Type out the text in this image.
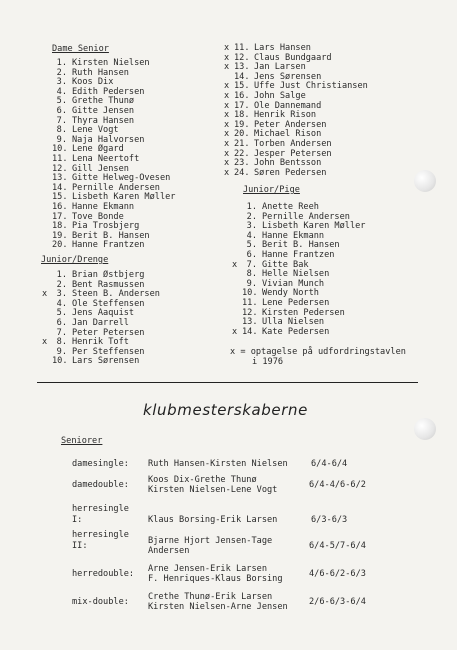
Dame Senior
1. Kirsten Nielsen
2. Ruth Hansen
3. Koos Dix
4. Edith Pedersen
5. Grethe Thunø
6. Gitte Jensen
7. Thyra Hansen
8. Lene Vogt
9. Naja Halvorsen
10. Lene Øgard
11. Lena Neertoft
12. Gill Jensen
13. Gitte Helweg-Ovesen
14. Pernille Andersen
15. Lisbeth Karen Møller
16. Hanne Ekmann
17. Tove Bonde
18. Pia Trosbjerg
19. Berit B. Hansen
20. Hanne Frantzen
Junior/Drenge
1. Brian Østbjerg
2. Bent Rasmussen
x 3. Steen B. Andersen
4. Ole Steffensen
5. Jens Aaquist
6. Jan Darrell
7. Peter Petersen
x 8. Henrik Toft
9. Per Steffensen
10. Lars Sørensen
x 11. Lars Hansen
x 12. Claus Bundgaard
x 13. Jan Larsen
14. Jens Sørensen
x 15. Uffe Just Christiansen
x 16. John Salge
x 17. Ole Dannemand
x 18. Henrik Rison
x 19. Peter Andersen
x 20. Michael Rison
x 21. Torben Andersen
x 22. Jesper Petersen
x 23. John Bentsson
x 24. Søren Pedersen
Junior/Pige
1. Anette Reeh
2. Pernille Andersen
3. Lisbeth Karen Møller
4. Hanne Ekmann
5. Berit B. Hansen
6. Hanne Frantzen
x 7. Gitte Bak
8. Helle Nielsen
9. Vivian Munch
10. Wendy North
11. Lene Pedersen
12. Kirsten Pedersen
13. Ulla Nielsen
x 14. Kate Pedersen
x = optagelse på udfordringstavlen
i 1976
klubmesterskaberne
Seniorer
damesingle: Ruth Hansen-Kirsten Nielsen	6/4-6/4
damedouble: Koos Dix-Grethe Thunø
Kirsten Nielsen-Lene Vogt	6/4-4/6-6/2
herresingle
I:	Klaus Borsing-Erik Larsen	6/3-6/3
herresingle
II:	Bjarne Hjort Jensen-Tage
Andersen	6/4-5/7-6/4
herredouble: Arne Jensen-Erik Larsen
F. Henriques-Klaus Borsing	4/6-6/2-6/3
mix-double: Crethe Thunø-Erik Larsen
Kirsten Nielsen-Arne Jensen 2/6-6/3-6/4
